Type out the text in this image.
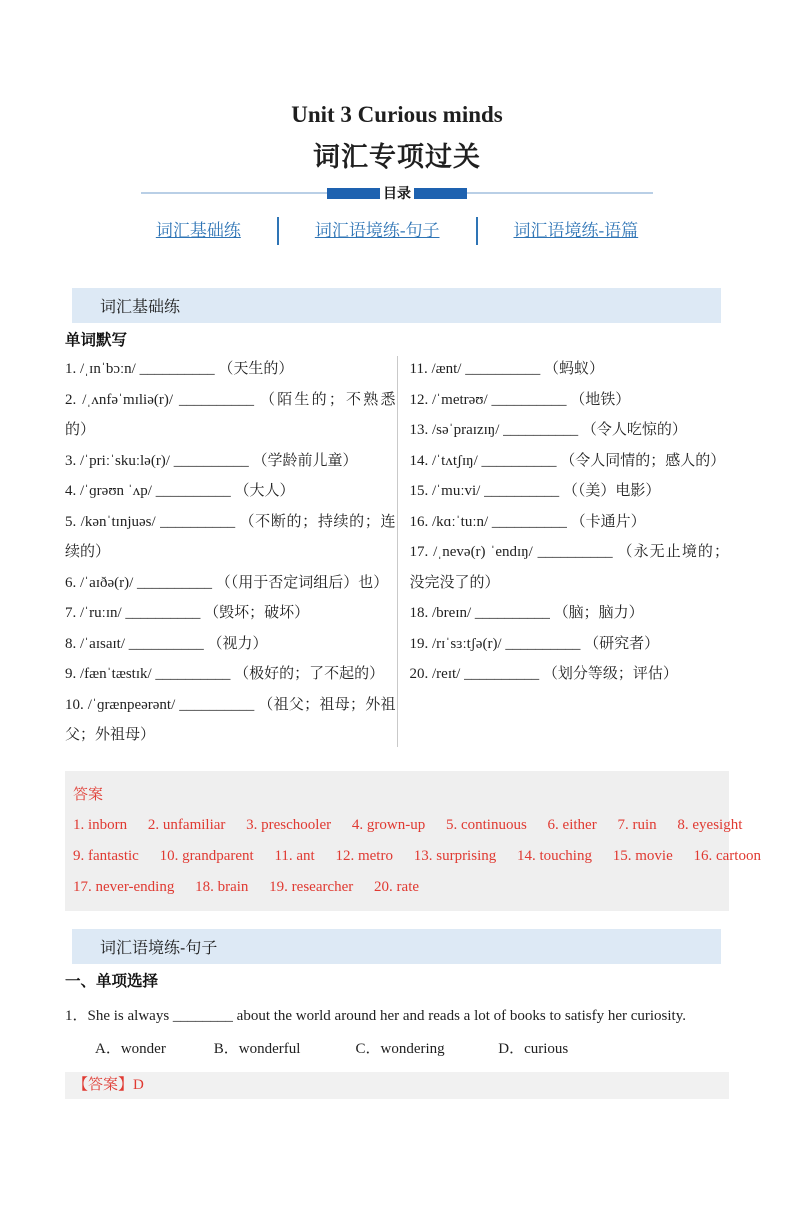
Unit 3 Curious minds
词汇专项过关
目录
词汇基础练	词汇语境练-句子	词汇语境练-语篇
词汇基础练
单词默写

1. /ˌɪnˈbɔːn/ __________ （天生的）

2. /ˌʌnfəˈmɪliə(r)/ __________ （陌生的；不熟悉的）

3. /ˈpriːˈskuːlə(r)/ __________ （学龄前儿童）

4. /ˈɡrəʊn ˈʌp/ __________ （大人）

5. /kənˈtɪnjuəs/ __________ （不断的；持续的；连续的）

6. /ˈaɪðə(r)/ __________ （（用于否定词组后）也）

7. /ˈruːɪn/ __________ （毁坏；破坏）

8. /ˈaɪsaɪt/ __________ （视力）

9. /fænˈtæstɪk/ __________ （极好的；了不起的）

10. /ˈɡrænpeərənt/ __________ （祖父；祖母；外祖父；外祖母）

11. /ænt/ __________ （蚂蚁）

12. /ˈmetrəʊ/ __________ （地铁）

13. /səˈpraɪzɪŋ/ __________ （令人吃惊的）

14. /ˈtʌtʃɪŋ/ __________ （令人同情的；感人的）

15. /ˈmuːvi/ __________ （（美）电影）

16. /kɑːˈtuːn/ __________ （卡通片）

17. /ˌnevə(r) ˈendɪŋ/ __________ （永无止境的；没完没了的）

18. /breɪn/ __________ （脑；脑力）

19. /rɪˈsɜːtʃə(r)/ __________ （研究者）

20. /reɪt/ __________ （划分等级；评估）

答案
1. inborn 2. unfamiliar 3. preschooler 4. grown-up 5. continuous 6. either 7. ruin 8. eyesight
9. fantastic 10. grandparent 11. ant 12. metro 13. surprising 14. touching 15. movie 16. cartoon
17. never-ending 18. brain 19. researcher 20. rate
词汇语境练-句子
一、单项选择

1．She is always ________ about the world around her and reads a lot of books to satisfy her curiosity.

A．wonder	B．wonderful	C．wondering	D．curious
【答案】D
